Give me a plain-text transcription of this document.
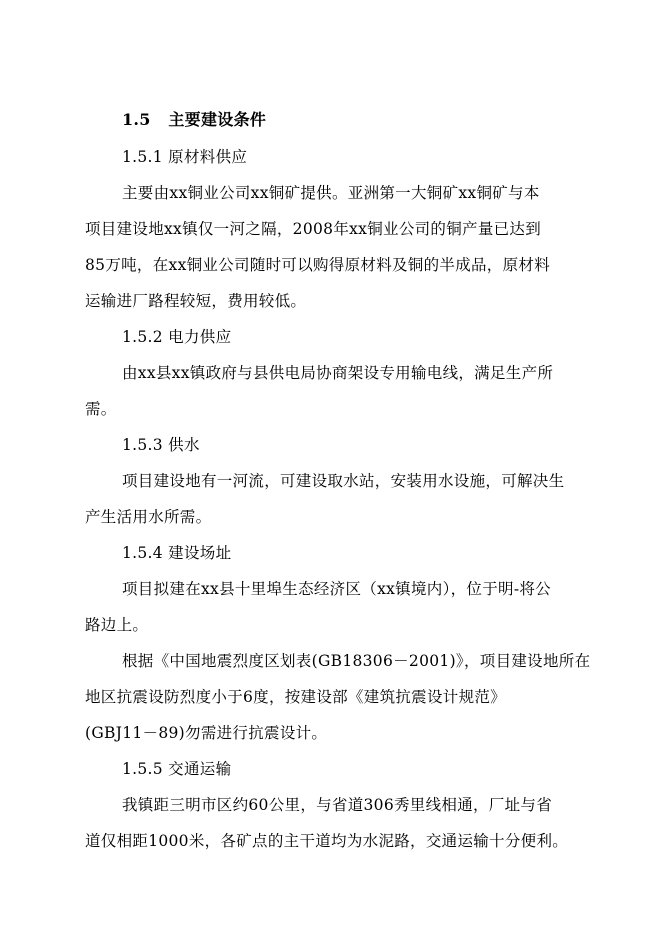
1.5 主要建设条件
1.5.1 原材料供应
主要由xx铜业公司xx铜矿提供。亚洲第一大铜矿xx铜矿与本
项目建设地xx镇仅一河之隔，2008年xx铜业公司的铜产量已达到
85万吨，在xx铜业公司随时可以购得原材料及铜的半成品，原材料
运输进厂路程较短，费用较低。
1.5.2 电力供应
由xx县xx镇政府与县供电局协商架设专用输电线，满足生产所
需。
1.5.3 供水
项目建设地有一河流，可建设取水站，安装用水设施，可解决生
产生活用水所需。
1.5.4 建设场址
项目拟建在xx县十里埠生态经济区（xx镇境内），位于明-将公
路边上。
根据《中国地震烈度区划表(GB18306－2001)》，项目建设地所在
地区抗震设防烈度小于6度，按建设部《建筑抗震设计规范》
(GBJ11－89)勿需进行抗震设计。
1.5.5 交通运输
我镇距三明市区约60公里，与省道306秀里线相通，厂址与省
道仅相距1000米，各矿点的主干道均为水泥路，交通运输十分便利。
